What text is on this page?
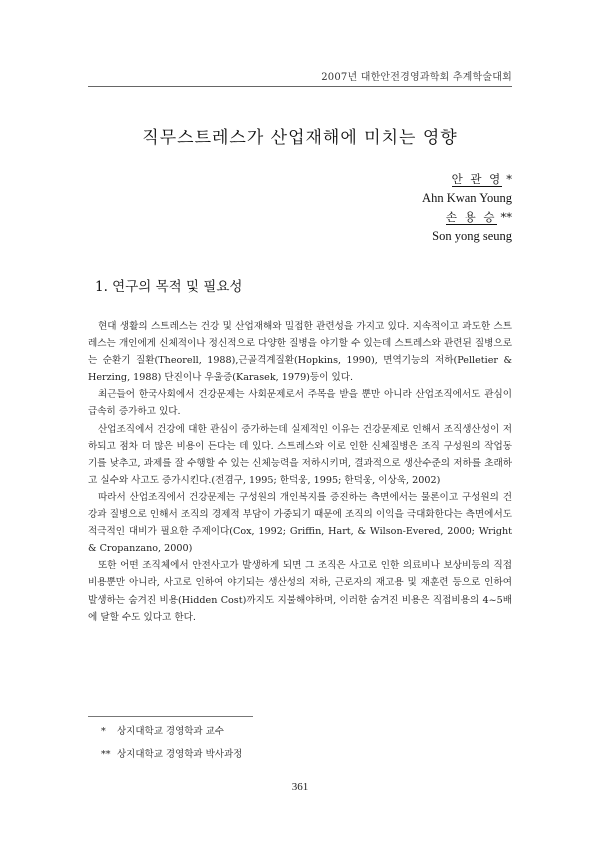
2007년 대한안전경영과학회 추계학술대회
직무스트레스가 산업재해에 미치는 영향
안 관 영 *
Ahn Kwan Young
손 용 승 **
Son yong seung
1. 연구의 목적 및 필요성

현대 생활의 스트레스는 건강 및 산업재해와 밀접한 관련성을 가지고 있다. 지속적이고 과도한 스트레스는 개인에게 신체적이나 정신적으로 다양한 질병을 야기할 수 있는데 스트레스와 관련된 질병으로는 순환기 질환(Theorell, 1988),근골격계질환(Hopkins, 1990), 면역기능의 저하(Pelletier & Herzing, 1988) 단진이나 우울증(Karasek, 1979)등이 있다.

최근들어 한국사회에서 건강문제는 사회문제로서 주목을 받을 뿐만 아니라 산업조직에서도 관심이 급속히 증가하고 있다.

산업조직에서 건강에 대한 관심이 증가하는데 실제적인 이유는 건강문제로 인해서 조직생산성이 저하되고 점차 더 많은 비용이 든다는 데 있다. 스트레스와 이로 인한 신체질병은 조직 구성원의 작업동기를 낮추고, 과제를 잘 수행할 수 있는 신체능력을 저하시키며, 결과적으로 생산수준의 저하를 초래하고 실수와 사고도 증가시킨다.(전겸구, 1995; 한덕웅, 1995; 한덕웅, 이상욱, 2002)

따라서 산업조직에서 건강문제는 구성원의 개인복지를 증진하는 측면에서는 물론이고 구성원의 건강과 질병으로 인해서 조직의 경제적 부담이 가중되기 때문에 조직의 이익을 극대화한다는 측면에서도 적극적인 대비가 필요한 주제이다(Cox, 1992; Griffin, Hart, & Wilson-Evered, 2000; Wright & Cropanzano, 2000)

또한 어떤 조직체에서 안전사고가 발생하게 되면 그 조직은 사고로 인한 의료비나 보상비등의 직접 비용뿐만 아니라, 사고로 인하여 야기되는 생산성의 저하, 근로자의 재고용 및 재훈련 등으로 인하여 발생하는 숨겨진 비용(Hidden Cost)까지도 지불해야하며, 이러한 숨겨진 비용은 직접비용의 4~5배에 달할 수도 있다고 한다.

* 상지대학교 경영학과 교수
** 상지대학교 경영학과 박사과정
361
